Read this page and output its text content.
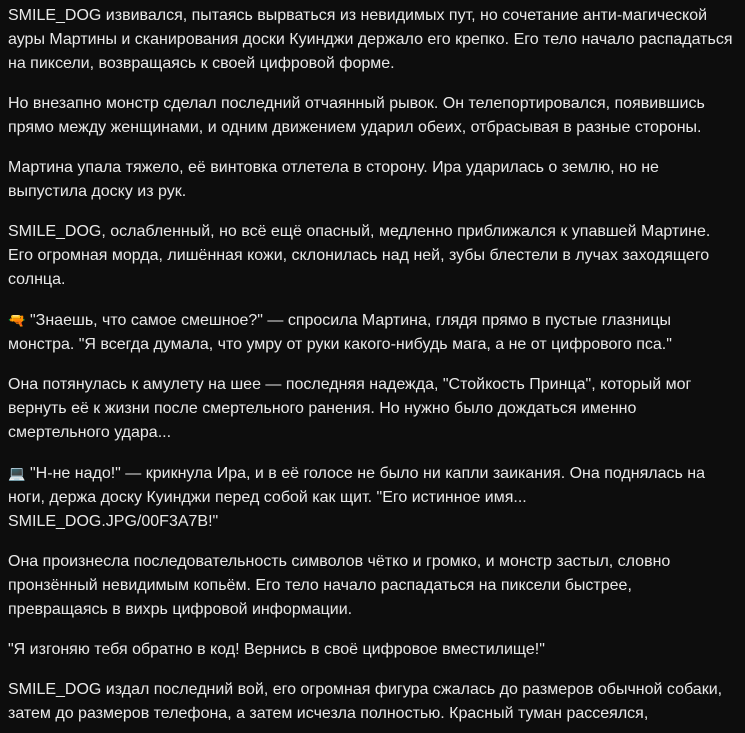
SMILE_DOG извивался, пытаясь вырваться из невидимых пут, но сочетание анти-магической ауры Мартины и сканирования доски Куинджи держало его крепко. Его тело начало распадаться на пиксели, возвращаясь к своей цифровой форме.

Но внезапно монстр сделал последний отчаянный рывок. Он телепортировался, появившись прямо между женщинами, и одним движением ударил обеих, отбрасывая в разные стороны.

Мартина упала тяжело, её винтовка отлетела в сторону. Ира ударилась о землю, но не выпустила доску из рук.

SMILE_DOG, ослабленный, но всё ещё опасный, медленно приближался к упавшей Мартине. Его огромная морда, лишённая кожи, склонилась над ней, зубы блестели в лучах заходящего солнца.

🔫 "Знаешь, что самое смешное?" — спросила Мартина, глядя прямо в пустые глазницы монстра. "Я всегда думала, что умру от руки какого-нибудь мага, а не от цифрового пса."

Она потянулась к амулету на шее — последняя надежда, "Стойкость Принца", который мог вернуть её к жизни после смертельного ранения. Но нужно было дождаться именно смертельного удара...

💻 "Н-не надо!" — крикнула Ира, и в её голосе не было ни капли заикания. Она поднялась на ноги, держа доску Куинджи перед собой как щит. "Его истинное имя... SMILE_DOG.JPG/00F3A7B!"

Она произнесла последовательность символов чётко и громко, и монстр застыл, словно пронзённый невидимым копьём. Его тело начало распадаться на пиксели быстрее, превращаясь в вихрь цифровой информации.

"Я изгоняю тебя обратно в код! Вернись в своё цифровое вместилище!"

SMILE_DOG издал последний вой, его огромная фигура сжалась до размеров обычной собаки, затем до размеров телефона, а затем исчезла полностью. Красный туман рассеялся,
